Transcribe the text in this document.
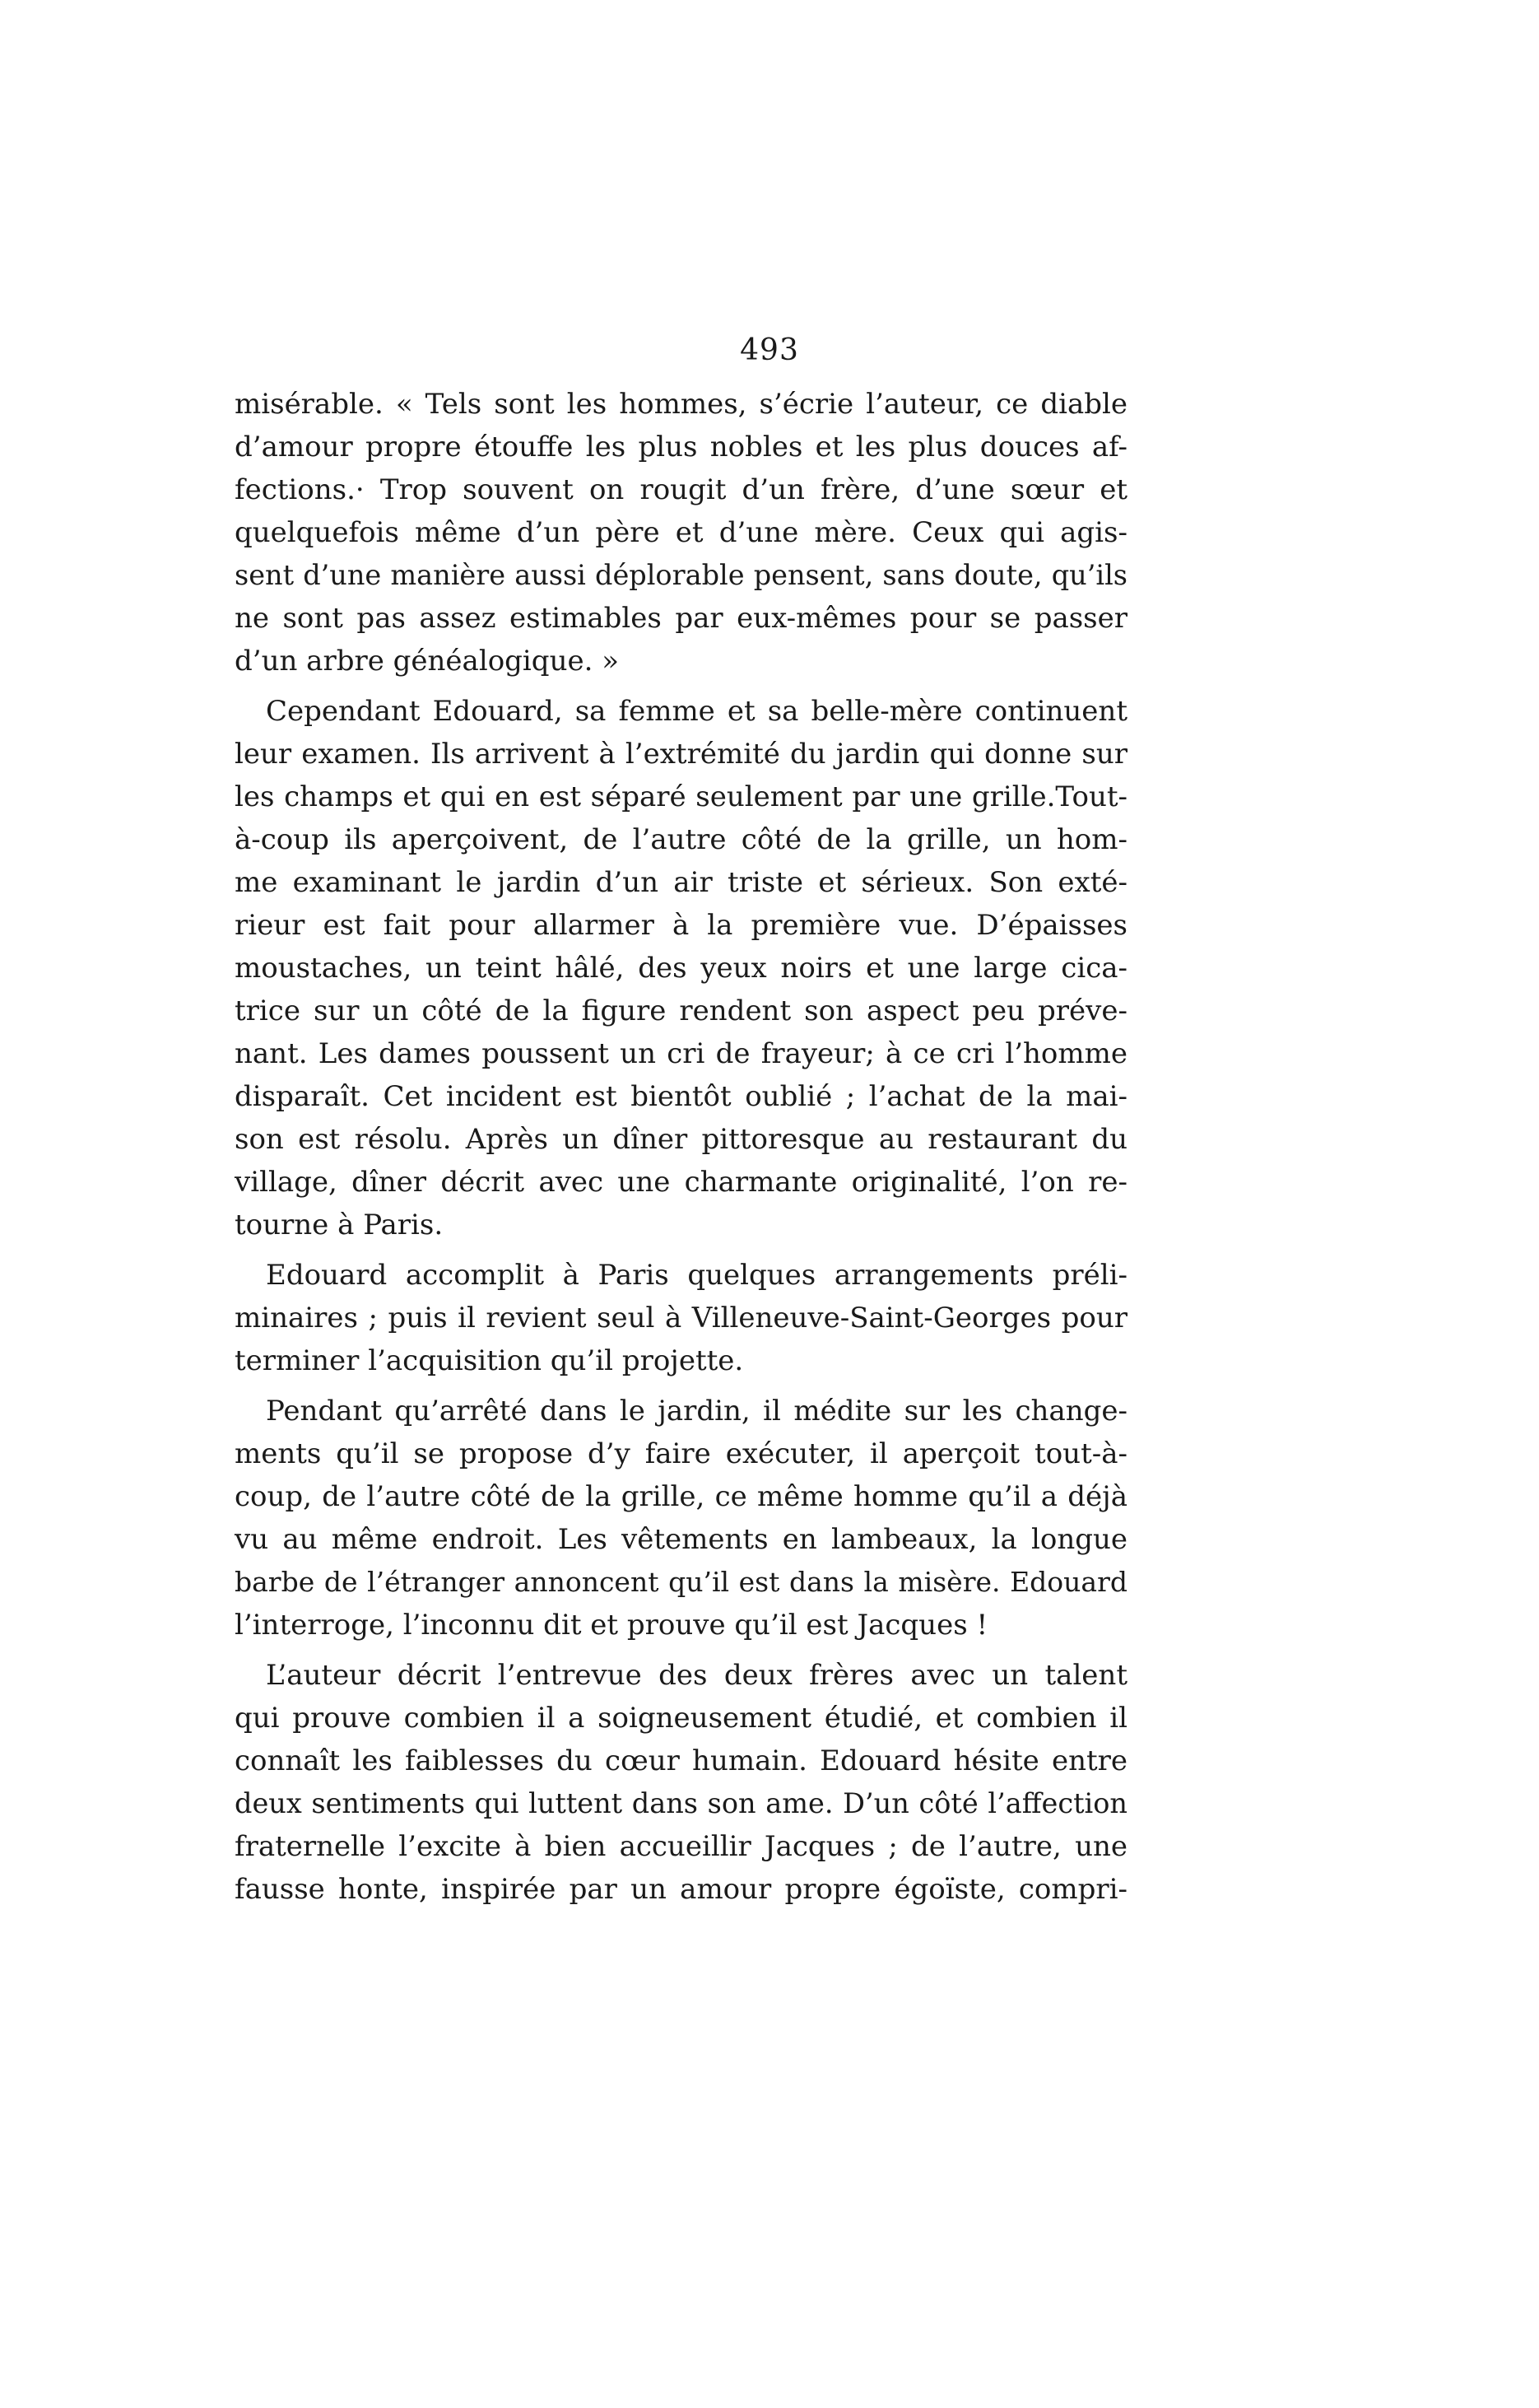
493
misérable. « Tels sont les hommes, s’écrie l’auteur, ce diable
d’amour propre étouffe les plus nobles et les plus douces af-
fections.· Trop souvent on rougit d’un frère, d’une sœur et
quelquefois même d’un père et d’une mère. Ceux qui agis-
sent d’une manière aussi déplorable pensent, sans doute, qu’ils
ne sont pas assez estimables par eux-mêmes pour se passer
d’un arbre généalogique. »
Cependant Edouard, sa femme et sa belle-mère continuent
leur examen. Ils arrivent à l’extrémité du jardin qui donne sur
les champs et qui en est séparé seulement par une grille.Tout-
à-coup ils aperçoivent, de l’autre côté de la grille, un hom-
me examinant le jardin d’un air triste et sérieux. Son exté-
rieur est fait pour allarmer à la première vue. D’épaisses
moustaches, un teint hâlé, des yeux noirs et une large cica-
trice sur un côté de la figure rendent son aspect peu préve-
nant. Les dames poussent un cri de frayeur; à ce cri l’homme
disparaît. Cet incident est bientôt oublié ; l’achat de la mai-
son est résolu. Après un dîner pittoresque au restaurant du
village, dîner décrit avec une charmante originalité, l’on re-
tourne à Paris.
Edouard accomplit à Paris quelques arrangements préli-
minaires ; puis il revient seul à Villeneuve-Saint-Georges pour
terminer l’acquisition qu’il projette.
Pendant qu’arrêté dans le jardin, il médite sur les change-
ments qu’il se propose d’y faire exécuter, il aperçoit tout-à-
coup, de l’autre côté de la grille, ce même homme qu’il a déjà
vu au même endroit. Les vêtements en lambeaux, la longue
barbe de l’étranger annoncent qu’il est dans la misère. Edouard
l’interroge, l’inconnu dit et prouve qu’il est Jacques !
L’auteur décrit l’entrevue des deux frères avec un talent
qui prouve combien il a soigneusement étudié, et combien il
connaît les faiblesses du cœur humain. Edouard hésite entre
deux sentiments qui luttent dans son ame. D’un côté l’affection
fraternelle l’excite à bien accueillir Jacques ; de l’autre, une
fausse honte, inspirée par un amour propre égoïste, compri-
